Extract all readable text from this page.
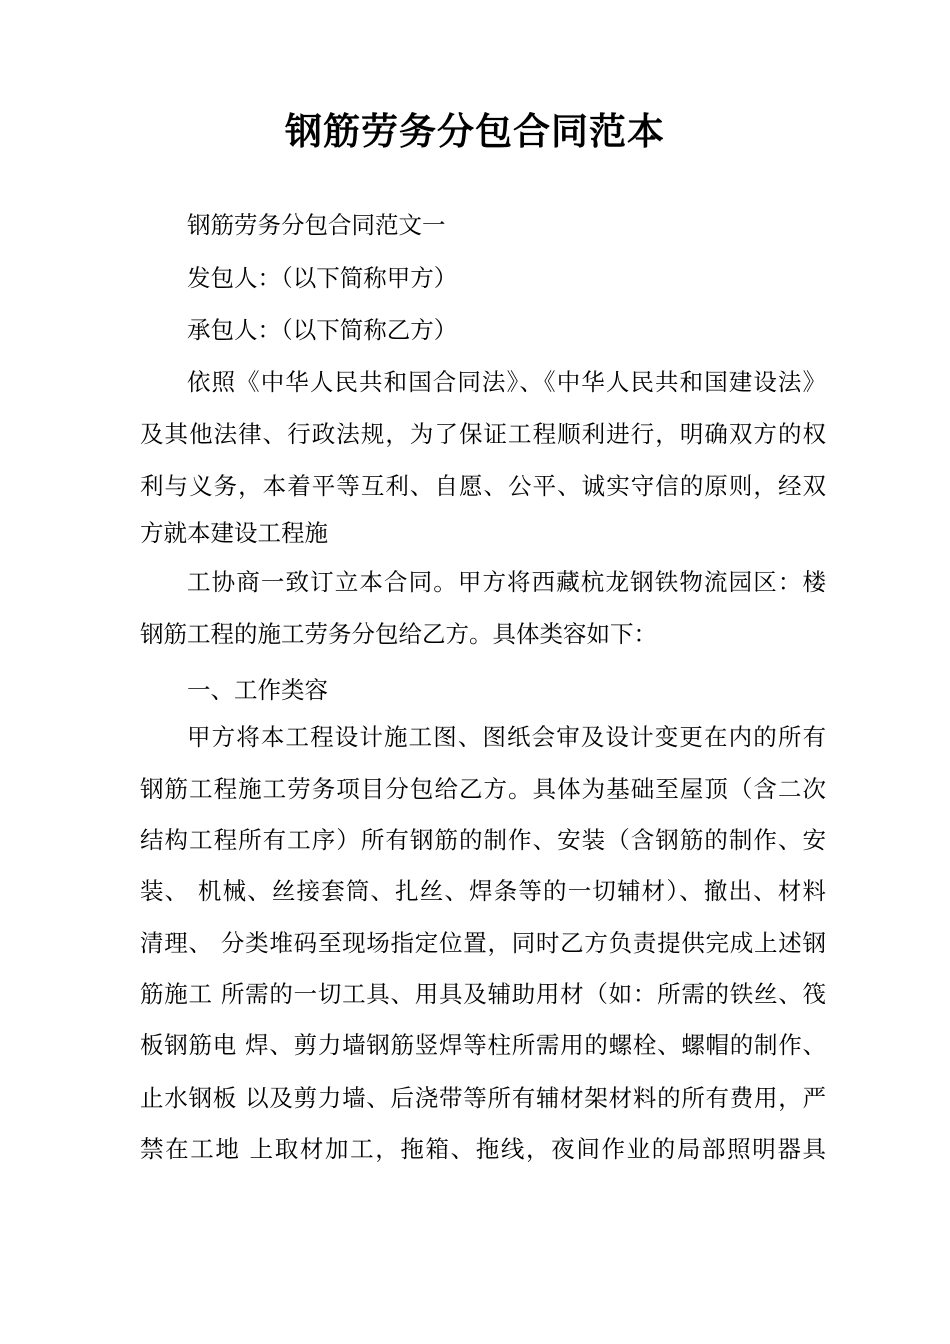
钢筋劳务分包合同范本
钢筋劳务分包合同范文一
发包人：（以下简称甲方）
承包人：（以下简称乙方）
依照《中华人民共和国合同法》、《中华人民共和国建设法》
及其他法律、行政法规，为了保证工程顺利进行，明确双方的权
利与义务，本着平等互利、自愿、公平、诚实守信的原则，经双
方就本建设工程施
工协商一致订立本合同。甲方将西藏杭龙钢铁物流园区：楼
钢筋工程的施工劳务分包给乙方。具体类容如下：
一、工作类容
甲方将本工程设计施工图、图纸会审及设计变更在内的所有
钢筋工程施工劳务项目分包给乙方。具体为基础至屋顶（含二次
结构工程所有工序）所有钢筋的制作、安装（含钢筋的制作、安
装、 机械、丝接套筒、扎丝、焊条等的一切辅材）、撤出、材料
清理、 分类堆码至现场指定位置，同时乙方负责提供完成上述钢
筋施工 所需的一切工具、用具及辅助用材（如：所需的铁丝、筏
板钢筋电 焊、剪力墙钢筋竖焊等柱所需用的螺栓、螺帽的制作、
止水钢板 以及剪力墙、后浇带等所有辅材架材料的所有费用，严
禁在工地 上取材加工，拖箱、拖线，夜间作业的局部照明器具
